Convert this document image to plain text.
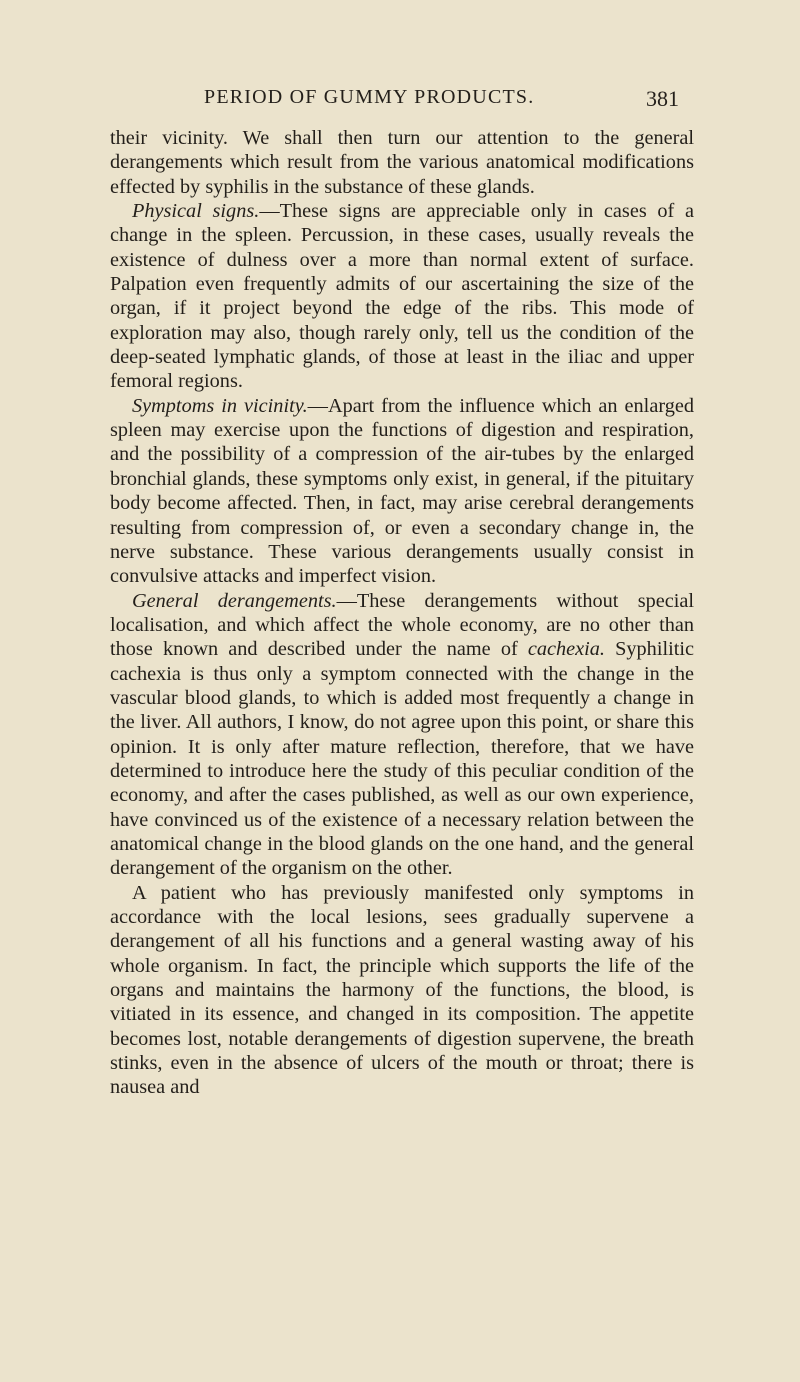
PERIOD OF GUMMY PRODUCTS.	381

their vicinity. We shall then turn our attention to the general derangements which result from the various anatomical modifications effected by syphilis in the substance of these glands.

Physical signs.—These signs are appreciable only in cases of a change in the spleen. Percussion, in these cases, usually reveals the existence of dulness over a more than normal extent of surface. Palpation even frequently admits of our ascertaining the size of the organ, if it project beyond the edge of the ribs. This mode of exploration may also, though rarely only, tell us the condition of the deep-seated lymphatic glands, of those at least in the iliac and upper femoral regions.

Symptoms in vicinity.—Apart from the influence which an enlarged spleen may exercise upon the functions of digestion and respiration, and the possibility of a compression of the air-tubes by the enlarged bronchial glands, these symptoms only exist, in general, if the pituitary body become affected. Then, in fact, may arise cerebral derangements resulting from compression of, or even a secondary change in, the nerve substance. These various derangements usually consist in convulsive attacks and imperfect vision.

General derangements.—These derangements without special localisation, and which affect the whole economy, are no other than those known and described under the name of cachexia. Syphilitic cachexia is thus only a symptom connected with the change in the vascular blood glands, to which is added most frequently a change in the liver. All authors, I know, do not agree upon this point, or share this opinion. It is only after mature reflection, therefore, that we have determined to introduce here the study of this peculiar condition of the economy, and after the cases published, as well as our own experience, have convinced us of the existence of a necessary relation between the anatomical change in the blood glands on the one hand, and the general derangement of the organism on the other.

A patient who has previously manifested only symptoms in accordance with the local lesions, sees gradually supervene a derangement of all his functions and a general wasting away of his whole organism. In fact, the principle which supports the life of the organs and maintains the harmony of the functions, the blood, is vitiated in its essence, and changed in its composition. The appetite becomes lost, notable derangements of digestion supervene, the breath stinks, even in the absence of ulcers of the mouth or throat; there is nausea and
